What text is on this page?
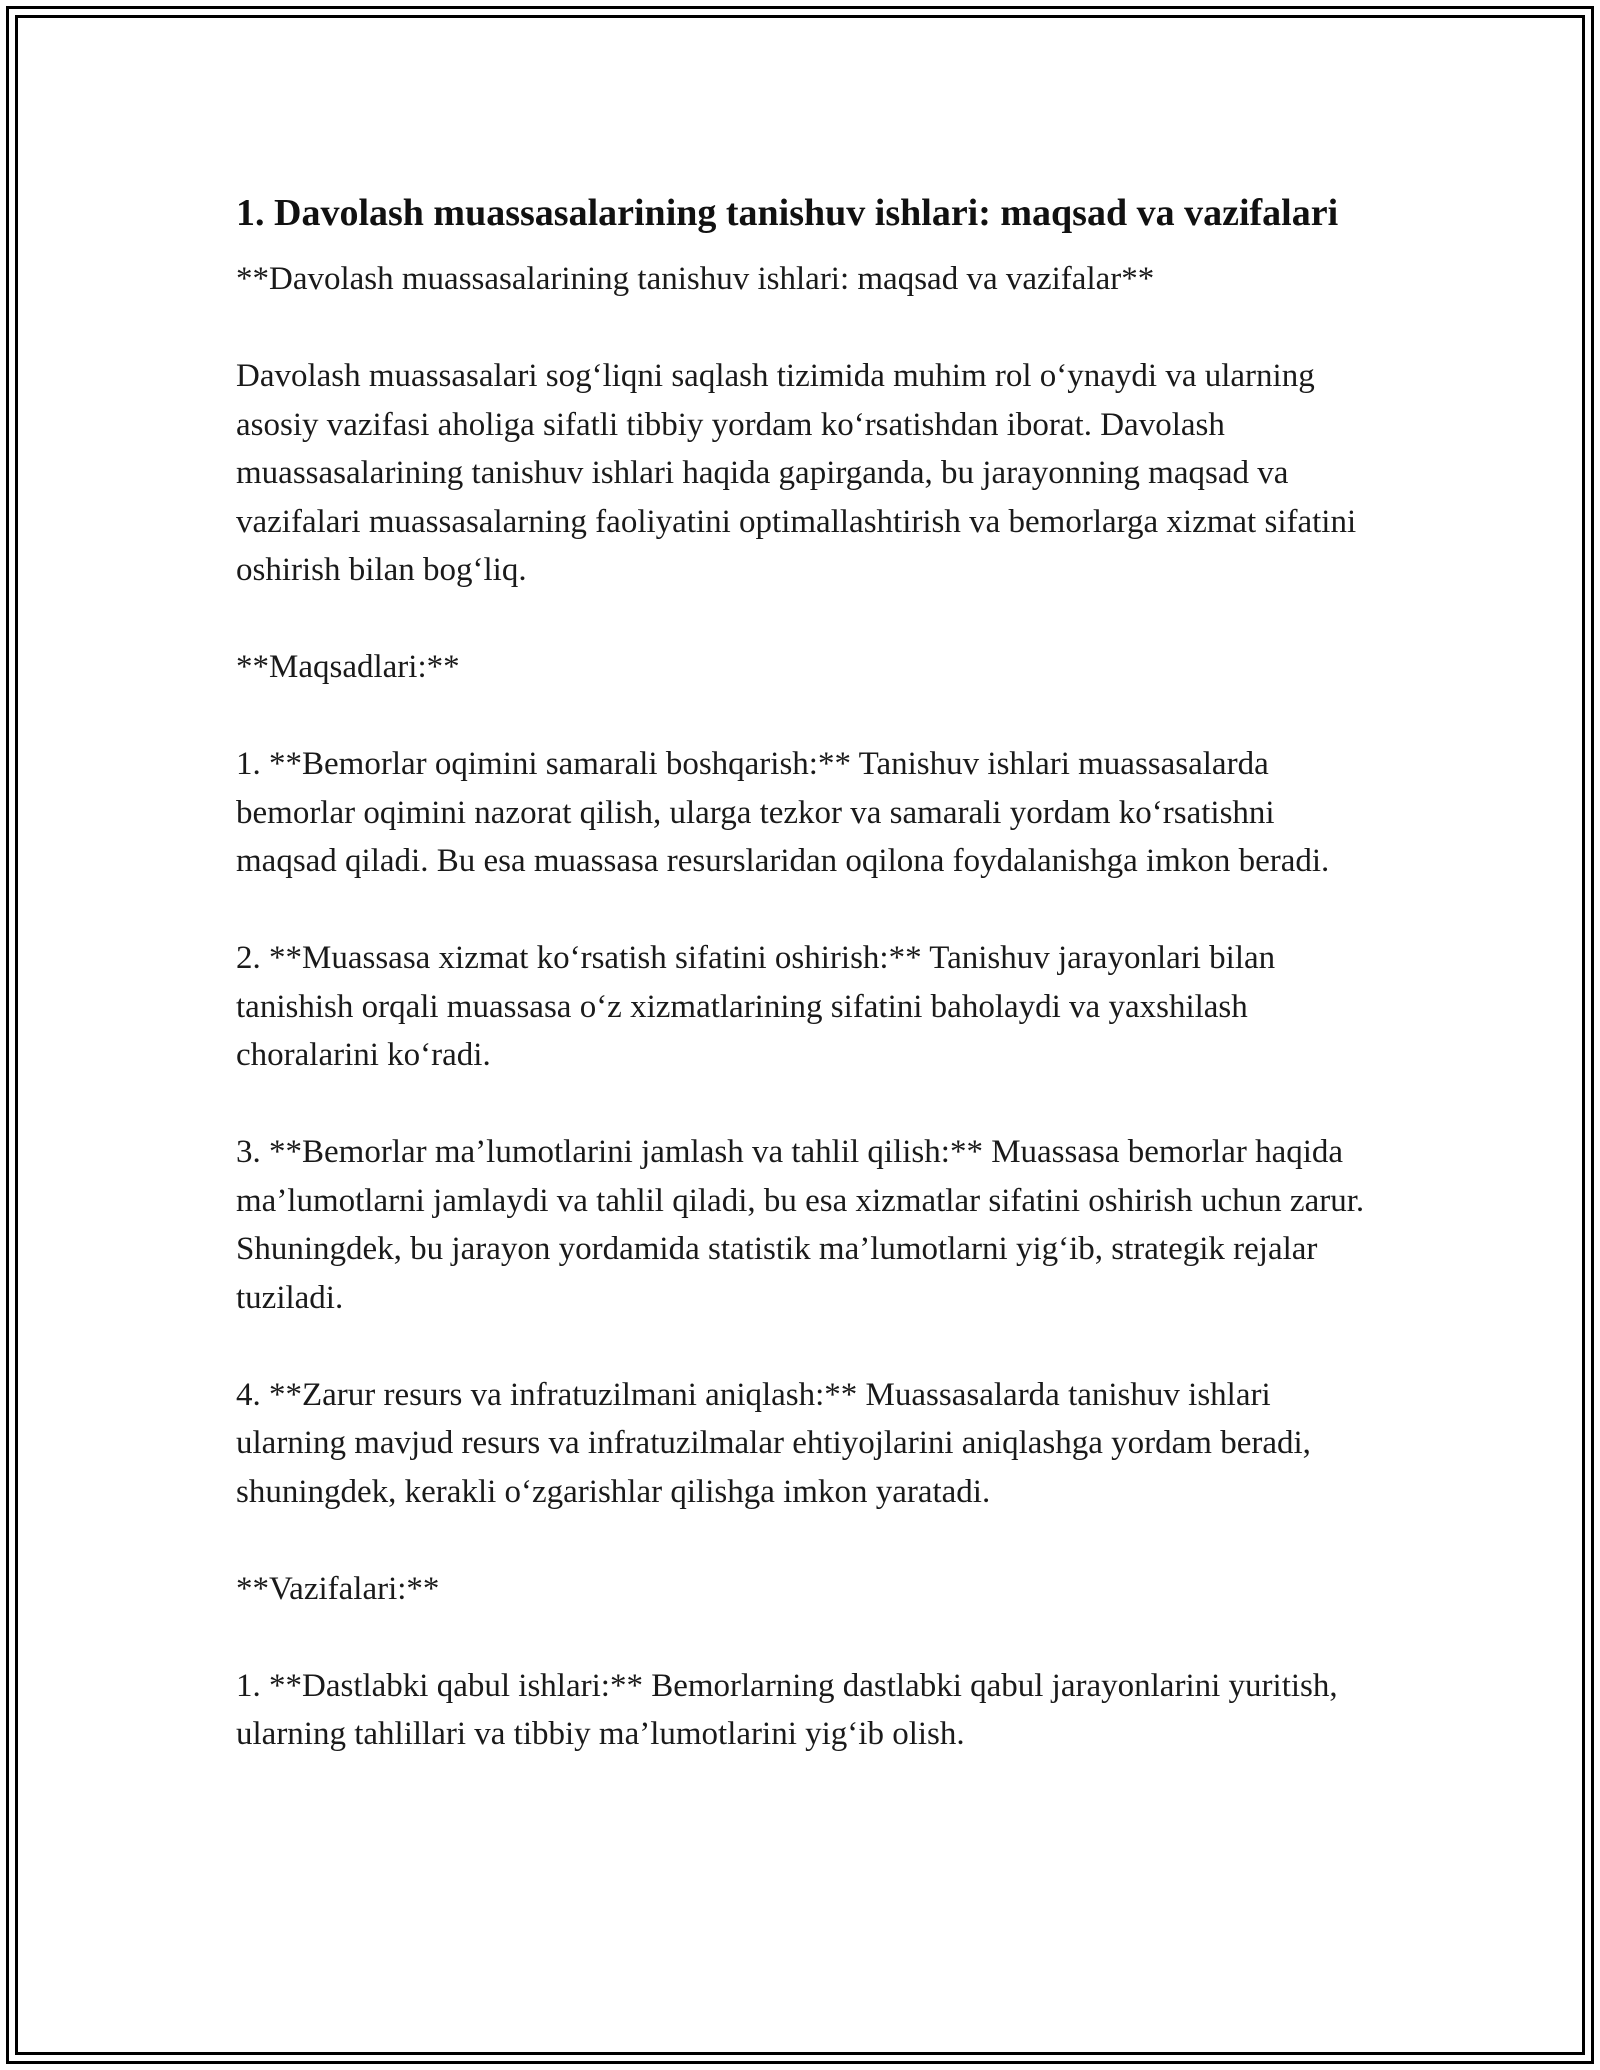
1. Davolash muassasalarining tanishuv ishlari: maqsad va vazifalari

**Davolash muassasalarining tanishuv ishlari: maqsad va vazifalar**

Davolash muassasalari sog‘liqni saqlash tizimida muhim rol o‘ynaydi va ularning asosiy vazifasi aholiga sifatli tibbiy yordam ko‘rsatishdan iborat. Davolash muassasalarining tanishuv ishlari haqida gapirganda, bu jarayonning maqsad va vazifalari muassasalarning faoliyatini optimallashtirish va bemorlarga xizmat sifatini oshirish bilan bog‘liq.

**Maqsadlari:**

1. **Bemorlar oqimini samarali boshqarish:** Tanishuv ishlari muassasalarda bemorlar oqimini nazorat qilish, ularga tezkor va samarali yordam ko‘rsatishni maqsad qiladi. Bu esa muassasa resurslaridan oqilona foydalanishga imkon beradi.

2. **Muassasa xizmat ko‘rsatish sifatini oshirish:** Tanishuv jarayonlari bilan tanishish orqali muassasa o‘z xizmatlarining sifatini baholaydi va yaxshilash choralarini ko‘radi.

3. **Bemorlar ma’lumotlarini jamlash va tahlil qilish:** Muassasa bemorlar haqida ma’lumotlarni jamlaydi va tahlil qiladi, bu esa xizmatlar sifatini oshirish uchun zarur. Shuningdek, bu jarayon yordamida statistik ma’lumotlarni yig‘ib, strategik rejalar tuziladi.

4. **Zarur resurs va infratuzilmani aniqlash:** Muassasalarda tanishuv ishlari ularning mavjud resurs va infratuzilmalar ehtiyojlarini aniqlashga yordam beradi, shuningdek, kerakli o‘zgarishlar qilishga imkon yaratadi.

**Vazifalari:**

1. **Dastlabki qabul ishlari:** Bemorlarning dastlabki qabul jarayonlarini yuritish, ularning tahlillari va tibbiy ma’lumotlarini yig‘ib olish.
